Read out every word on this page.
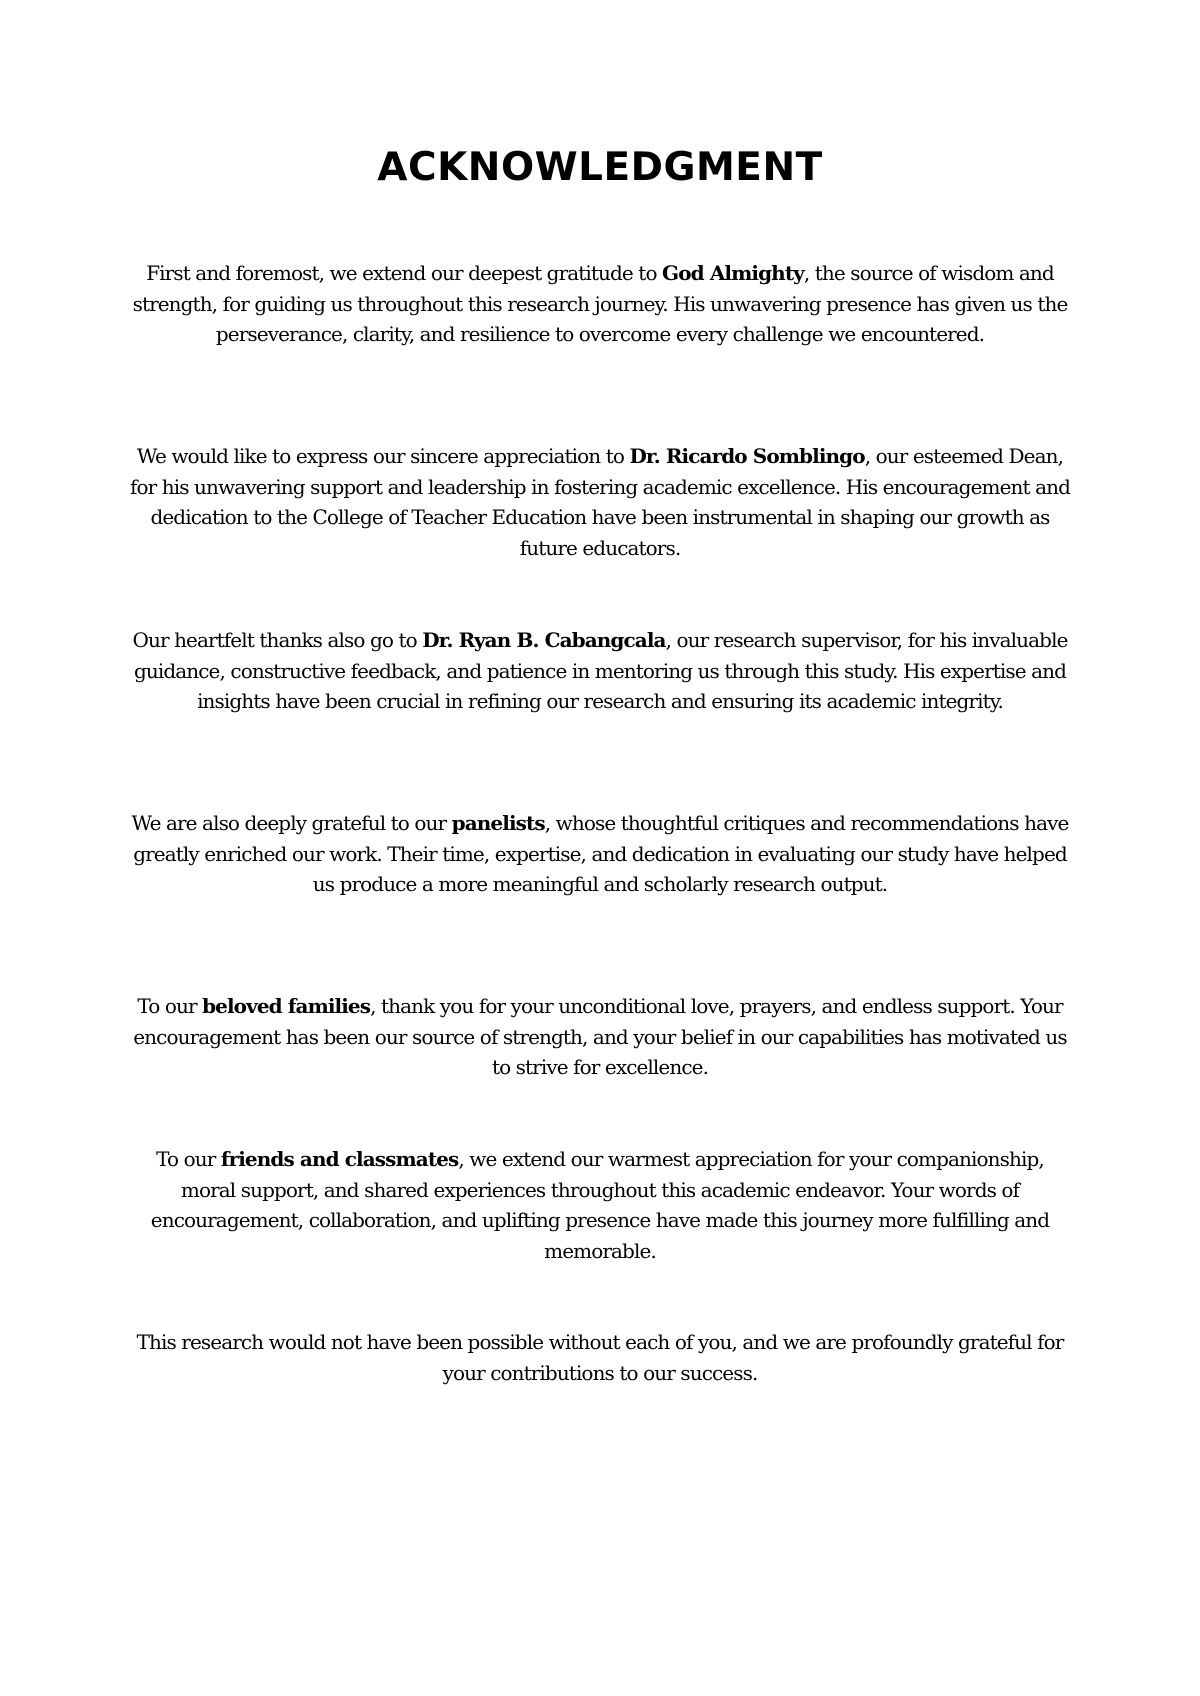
ACKNOWLEDGMENT

First and foremost, we extend our deepest gratitude to God Almighty, the source of wisdom and strength, for guiding us throughout this research journey. His unwavering presence has given us the perseverance, clarity, and resilience to overcome every challenge we encountered.

We would like to express our sincere appreciation to Dr. Ricardo Somblingo, our esteemed Dean, for his unwavering support and leadership in fostering academic excellence. His encouragement and dedication to the College of Teacher Education have been instrumental in shaping our growth as future educators.

Our heartfelt thanks also go to Dr. Ryan B. Cabangcala, our research supervisor, for his invaluable guidance, constructive feedback, and patience in mentoring us through this study. His expertise and insights have been crucial in refining our research and ensuring its academic integrity.

We are also deeply grateful to our panelists, whose thoughtful critiques and recommendations have greatly enriched our work. Their time, expertise, and dedication in evaluating our study have helped us produce a more meaningful and scholarly research output.

To our beloved families, thank you for your unconditional love, prayers, and endless support. Your encouragement has been our source of strength, and your belief in our capabilities has motivated us to strive for excellence.

To our friends and classmates, we extend our warmest appreciation for your companionship, moral support, and shared experiences throughout this academic endeavor. Your words of encouragement, collaboration, and uplifting presence have made this journey more fulfilling and memorable.

This research would not have been possible without each of you, and we are profoundly grateful for your contributions to our success.
